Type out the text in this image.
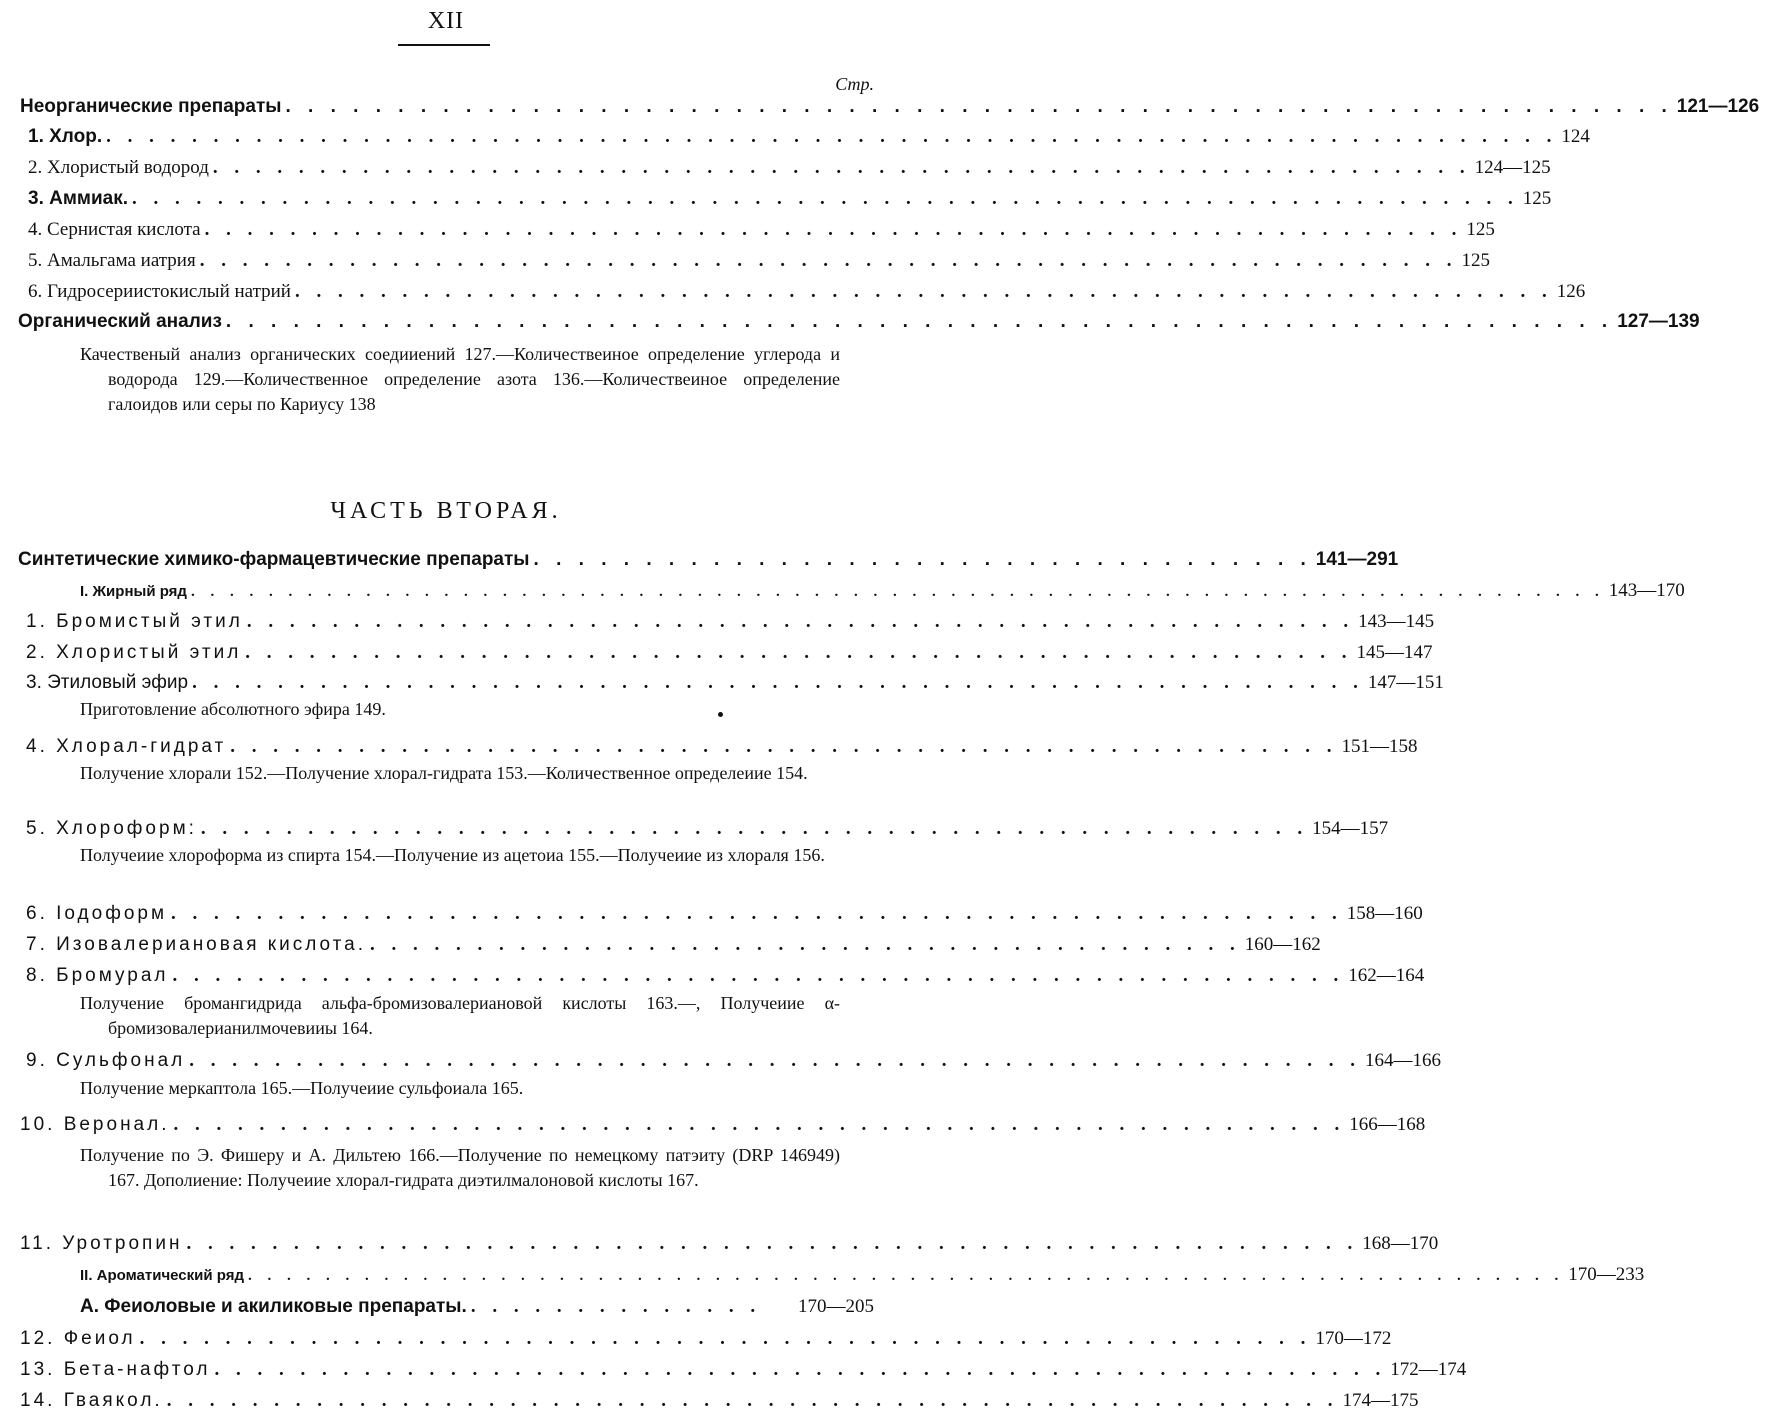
XII
Стр.
Неорганические препараты . . . . . . . . . . . . . . . . . . . . . . . . . . . . . . . . . . . . . . . . . . . . . . . . . . . . . . . . . . . . . . 121—126
1. Хлор. . . . . . . . . . . . . . . . . . . . . . . . . . . . . . . . . . . . . . . . . . . . . . . . . . . . . . . . . . . . . . . . . . . . . 124
2. Хлористый водород . . . . . . . . . . . . . . . . . . . . . . . . . . . . . . . . . . . . . . . . . . . . . . . . . . . . . . . . . . . 124—125
3. Аммиак. . . . . . . . . . . . . . . . . . . . . . . . . . . . . . . . . . . . . . . . . . . . . . . . . . . . . . . . . . . . . . . . . . 125
4. Сернистая кислота . . . . . . . . . . . . . . . . . . . . . . . . . . . . . . . . . . . . . . . . . . . . . . . . . . . . . . . . . . . 125
5. Амальгама иатрия . . . . . . . . . . . . . . . . . . . . . . . . . . . . . . . . . . . . . . . . . . . . . . . . . . . . . . . . . . . 125
6. Гидросериистокислый натрий . . . . . . . . . . . . . . . . . . . . . . . . . . . . . . . . . . . . . . . . . . . . . . . . . . . . . . . . . . . 126
Органический анализ . . . . . . . . . . . . . . . . . . . . . . . . . . . . . . . . . . . . . . . . . . . . . . . . . . . . . . . . . . . . . . 127—139
Качественый анализ органических соедииений 127.—Количествеиное определение углерода и водорода 129.—Количественное определение азота 136.—Количествеиное определение галоидов или серы по Кариусу 138
ЧАСТЬ ВТОРАЯ.
Синтетические химико-фармацевтические препараты . . . . . . . . . . . . . . . . . . . . . . . . . . . . . . . . . . . 141—291
I. Жирный ряд . . . . . . . . . . . . . . . . . . . . . . . . . . . . . . . . . . . . . . . . . . . . . . . . . . . . . . . . . . . . . . . . . . . . . . . . . 143—170
1. Бромистый этил . . . . . . . . . . . . . . . . . . . . . . . . . . . . . . . . . . . . . . . . . . . . . . . . . . . . 143—145
2. Хлористый этил . . . . . . . . . . . . . . . . . . . . . . . . . . . . . . . . . . . . . . . . . . . . . . . . . . . . 145—147
3. Этиловый эфир . . . . . . . . . . . . . . . . . . . . . . . . . . . . . . . . . . . . . . . . . . . . . . . . . . . . . . . 147—151
Приготовление абсолютного эфира 149.
4. Хлорал-гидрат . . . . . . . . . . . . . . . . . . . . . . . . . . . . . . . . . . . . . . . . . . . . . . . . . . . . 151—158
Получение хлорали 152.—Получение хлорал-гидрата 153.—Количественное определеиие 154.
5. Хлороформ: . . . . . . . . . . . . . . . . . . . . . . . . . . . . . . . . . . . . . . . . . . . . . . . . . . . . 154—157
Получеиие хлороформа из спирта 154.—Получение из ацетоиа 155.—Получеиие из хлораля 156.
6. Іодоформ . . . . . . . . . . . . . . . . . . . . . . . . . . . . . . . . . . . . . . . . . . . . . . . . . . . . . . . 158—160
7. Изовалериановая кислота. . . . . . . . . . . . . . . . . . . . . . . . . . . . . . . . . . . . . . . . . . 160—162
8. Бромурал . . . . . . . . . . . . . . . . . . . . . . . . . . . . . . . . . . . . . . . . . . . . . . . . . . . . . . . 162—164
Получение бромангидрида альфа-бромизовалериановой кислоты 163.—, Получеиие α-бромизовалерианилмочевииы 164.
9. Сульфонал . . . . . . . . . . . . . . . . . . . . . . . . . . . . . . . . . . . . . . . . . . . . . . . . . . . . . . . 164—166
Получение меркаптола 165.—Получеиие сульфоиала 165.
10. Веронал. . . . . . . . . . . . . . . . . . . . . . . . . . . . . . . . . . . . . . . . . . . . . . . . . . . . . . . . 166—168
Получение по Э. Фишеру и А. Дильтею 166.—Получение по немецкому патэиту (DRP 146949) 167. Дополиение: Получеиие хлорал-гидрата диэтилмалоновой кислоты 167.
11. Уротропин . . . . . . . . . . . . . . . . . . . . . . . . . . . . . . . . . . . . . . . . . . . . . . . . . . . . . . . 168—170
II. Ароматический ряд . . . . . . . . . . . . . . . . . . . . . . . . . . . . . . . . . . . . . . . . . . . . . . . . . . . . . . . . . . . . . . . . . . . . 170—233
А. Феиоловые и акиликовые препараты. . . . . . . . . . . . . . .	170—205
12. Феиол . . . . . . . . . . . . . . . . . . . . . . . . . . . . . . . . . . . . . . . . . . . . . . . . . . . . . . . 170—172
13. Бета-нафтол . . . . . . . . . . . . . . . . . . . . . . . . . . . . . . . . . . . . . . . . . . . . . . . . . . . . . . . 172—174
14. Гваякол. . . . . . . . . . . . . . . . . . . . . . . . . . . . . . . . . . . . . . . . . . . . . . . . . . . . . . . . 174—175
